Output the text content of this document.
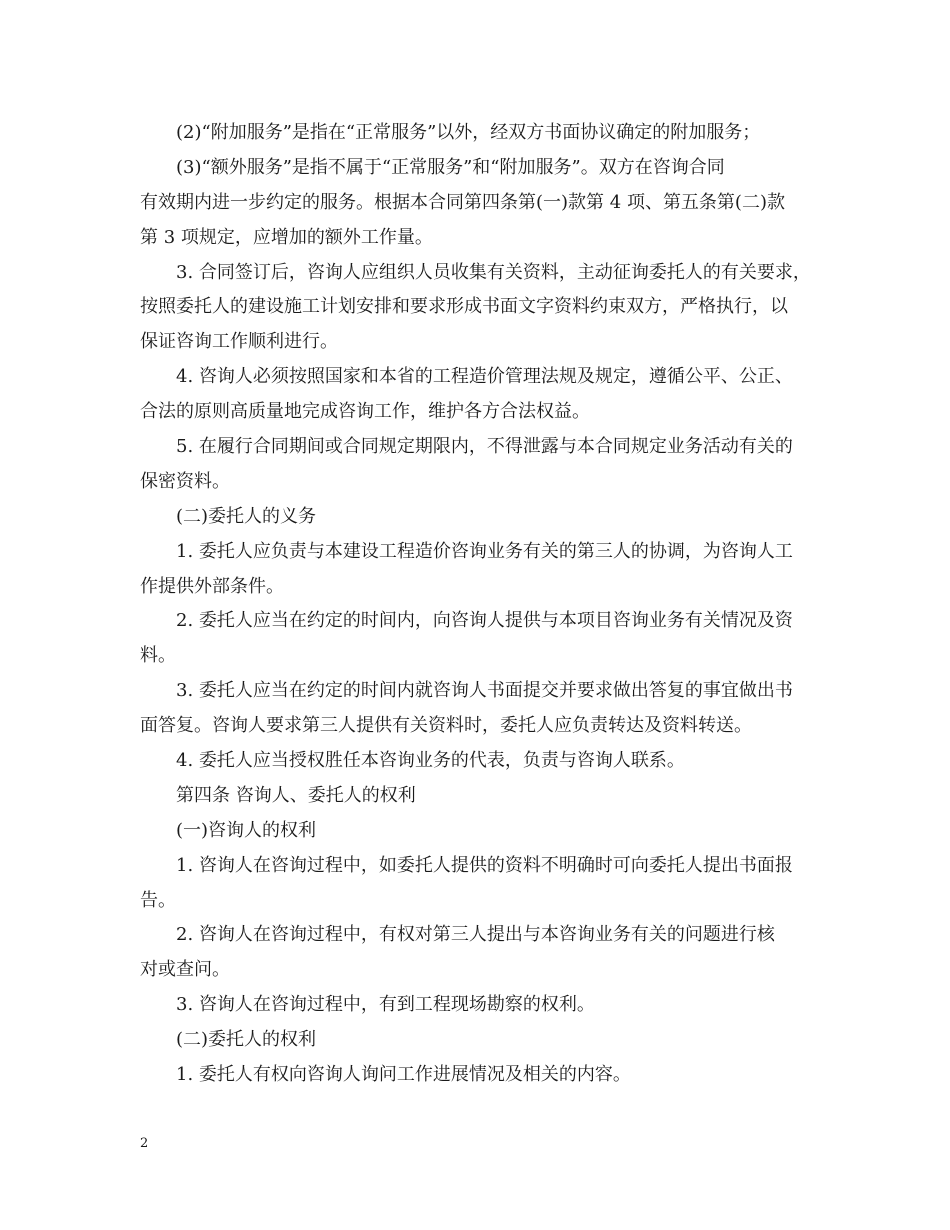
(2)“附加服务”是指在“正常服务”以外，经双方书面协议确定的附加服务；
(3)“额外服务”是指不属于“正常服务”和“附加服务”。双方在咨询合同
有效期内进一步约定的服务。根据本合同第四条第(一)款第 4 项、第五条第(二)款
第 3 项规定，应增加的额外工作量。
3. 合同签订后，咨询人应组织人员收集有关资料，主动征询委托人的有关要求，
按照委托人的建设施工计划安排和要求形成书面文字资料约束双方，严格执行，以
保证咨询工作顺利进行。
4. 咨询人必须按照国家和本省的工程造价管理法规及规定，遵循公平、公正、
合法的原则高质量地完成咨询工作，维护各方合法权益。
5. 在履行合同期间或合同规定期限内，不得泄露与本合同规定业务活动有关的
保密资料。
(二)委托人的义务
1. 委托人应负责与本建设工程造价咨询业务有关的第三人的协调，为咨询人工
作提供外部条件。
2. 委托人应当在约定的时间内，向咨询人提供与本项目咨询业务有关情况及资
料。
3. 委托人应当在约定的时间内就咨询人书面提交并要求做出答复的事宜做出书
面答复。咨询人要求第三人提供有关资料时，委托人应负责转达及资料转送。
4. 委托人应当授权胜任本咨询业务的代表，负责与咨询人联系。
第四条 咨询人、委托人的权利
(一)咨询人的权利
1. 咨询人在咨询过程中，如委托人提供的资料不明确时可向委托人提出书面报
告。
2. 咨询人在咨询过程中，有权对第三人提出与本咨询业务有关的问题进行核
对或查问。
3. 咨询人在咨询过程中，有到工程现场勘察的权利。
(二)委托人的权利
1. 委托人有权向咨询人询问工作进展情况及相关的内容。
2
